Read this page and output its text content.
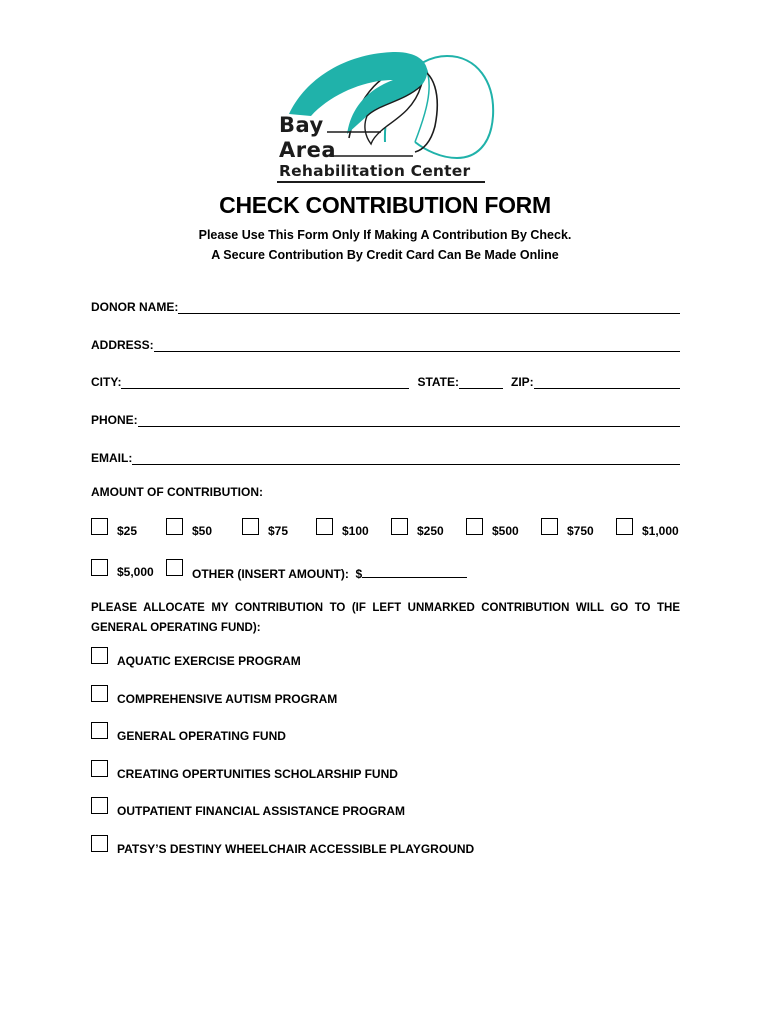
Bay
Area
Rehabilitation Center
CHECK CONTRIBUTION FORM
Please Use This Form Only If Making A Contribution By Check.
A Secure Contribution By Credit Card Can Be Made Online
DONOR NAME:
ADDRESS:
CITY:	STATE:	ZIP:
PHONE:
EMAIL:
AMOUNT OF CONTRIBUTION:
$25	$50	$75	$100	$250	$500	$750	$1,000
$5,000	OTHER (INSERT AMOUNT): $
PLEASE ALLOCATE MY CONTRIBUTION TO (IF LEFT UNMARKED CONTRIBUTION WILL GO TO THE GENERAL OPERATING FUND):
AQUATIC EXERCISE PROGRAM
COMPREHENSIVE AUTISM PROGRAM
GENERAL OPERATING FUND
CREATING OPERTUNITIES SCHOLARSHIP FUND
OUTPATIENT FINANCIAL ASSISTANCE PROGRAM
PATSY’S DESTINY WHEELCHAIR ACCESSIBLE PLAYGROUND
